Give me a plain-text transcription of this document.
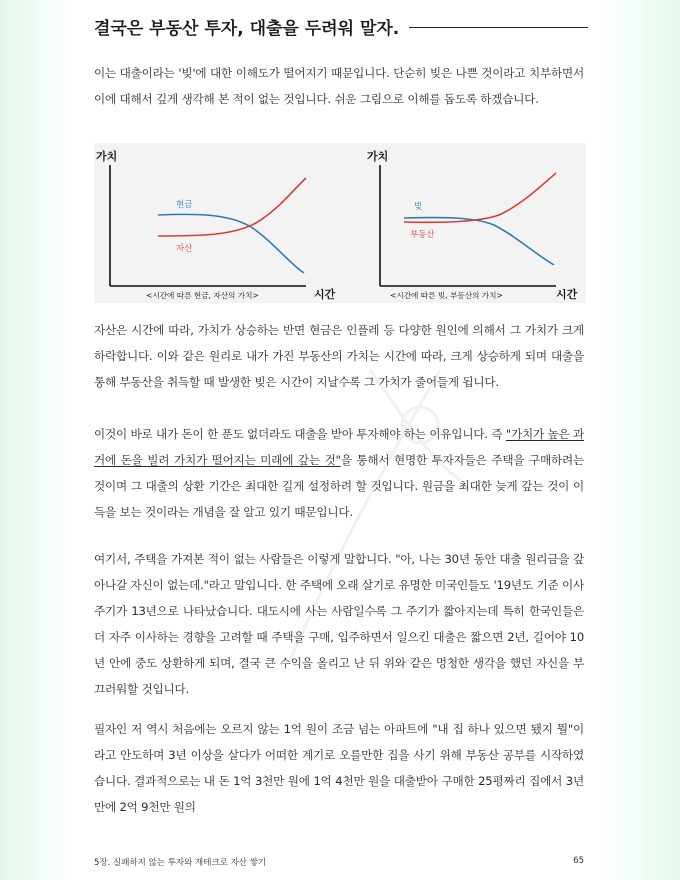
결국은 부동산 투자, 대출을 두려워 말자.

이는 대출이라는 '빚'에 대한 이해도가 떨어지기 때문입니다. 단순히 빚은 나쁜 것이라고 치부하면서 이에 대해서 깊게 생각해 본 적이 없는 것입니다. 쉬운 그림으로 이해를 돕도록 하겠습니다.

가치
현금
자산
<시간에 따른 현금, 자산의 가치>	시간
가치
빚
부동산
<시간에 따른 빚, 부동산의 가치>	시간

자산은 시간에 따라, 가치가 상승하는 반면 현금은 인플레 등 다양한 원인에 의해서 그 가치가 크게 하락합니다. 이와 같은 원리로 내가 가진 부동산의 가치는 시간에 따라, 크게 상승하게 되며 대출을 통해 부동산을 취득할 때 발생한 빚은 시간이 지날수록 그 가치가 줄어들게 됩니다.

이것이 바로 내가 돈이 한 푼도 없더라도 대출을 받아 투자해야 하는 이유입니다. 즉 "가치가 높은 과거에 돈을 빌려 가치가 떨어지는 미래에 갚는 것"을 통해서 현명한 투자자들은 주택을 구매하려는 것이며 그 대출의 상환 기간은 최대한 길게 설정하려 할 것입니다. 원금을 최대한 늦게 갚는 것이 이득을 보는 것이라는 개념을 잘 알고 있기 때문입니다.

여기서, 주택을 가져본 적이 없는 사람들은 이렇게 말합니다. "아, 나는 30년 동안 대출 원리금을 갚아나갈 자신이 없는데."라고 말입니다. 한 주택에 오래 살기로 유명한 미국인들도 '19년도 기준 이사 주기가 13년으로 나타났습니다. 대도시에 사는 사람일수록 그 주기가 짧아지는데 특히 한국인들은 더 자주 이사하는 경향을 고려할 때 주택을 구매, 입주하면서 일으킨 대출은 짧으면 2년, 길어야 10년 안에 중도 상환하게 되며, 결국 큰 수익을 올리고 난 뒤 위와 같은 멍청한 생각을 했던 자신을 부끄러워할 것입니다.

필자인 저 역시 처음에는 오르지 않는 1억 원이 조금 넘는 아파트에 "내 집 하나 있으면 됐지 뭘"이라고 안도하며 3년 이상을 살다가 어떠한 계기로 오를만한 집을 사기 위해 부동산 공부를 시작하였습니다. 결과적으로는 내 돈 1억 3천만 원에 1억 4천만 원을 대출받아 구매한 25평짜리 집에서 3년 만에 2억 9천만 원의

5장. 실패하지 않는 투자와 재테크로 자산 쌓기	65
